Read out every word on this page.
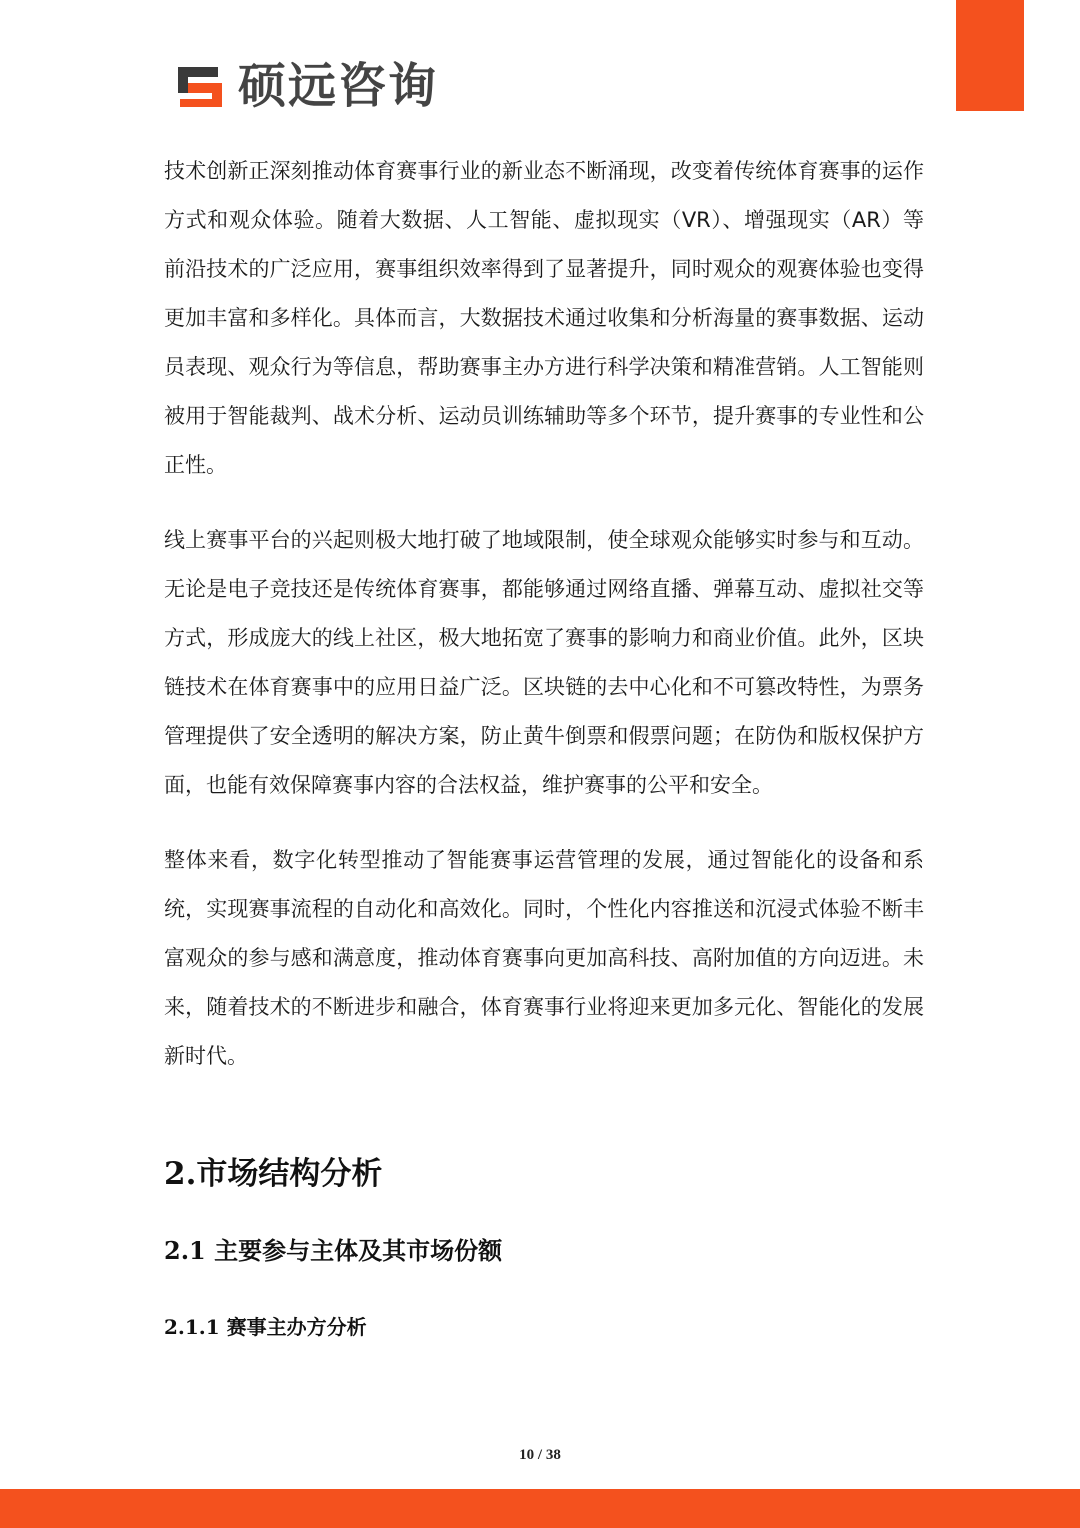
硕远咨询

技术创新正深刻推动体育赛事行业的新业态不断涌现，改变着传统体育赛事的运作方式和观众体验。随着大数据、人工智能、虚拟现实（VR）、增强现实（AR）等前沿技术的广泛应用，赛事组织效率得到了显著提升，同时观众的观赛体验也变得更加丰富和多样化。具体而言，大数据技术通过收集和分析海量的赛事数据、运动员表现、观众行为等信息，帮助赛事主办方进行科学决策和精准营销。人工智能则被用于智能裁判、战术分析、运动员训练辅助等多个环节，提升赛事的专业性和公正性。

线上赛事平台的兴起则极大地打破了地域限制，使全球观众能够实时参与和互动。无论是电子竞技还是传统体育赛事，都能够通过网络直播、弹幕互动、虚拟社交等方式，形成庞大的线上社区，极大地拓宽了赛事的影响力和商业价值。此外，区块链技术在体育赛事中的应用日益广泛。区块链的去中心化和不可篡改特性，为票务管理提供了安全透明的解决方案，防止黄牛倒票和假票问题；在防伪和版权保护方面，也能有效保障赛事内容的合法权益，维护赛事的公平和安全。

整体来看，数字化转型推动了智能赛事运营管理的发展，通过智能化的设备和系统，实现赛事流程的自动化和高效化。同时，个性化内容推送和沉浸式体验不断丰富观众的参与感和满意度，推动体育赛事向更加高科技、高附加值的方向迈进。未来，随着技术的不断进步和融合，体育赛事行业将迎来更加多元化、智能化的发展新时代。

2.市场结构分析
2.1 主要参与主体及其市场份额
2.1.1 赛事主办方分析
10 / 38
